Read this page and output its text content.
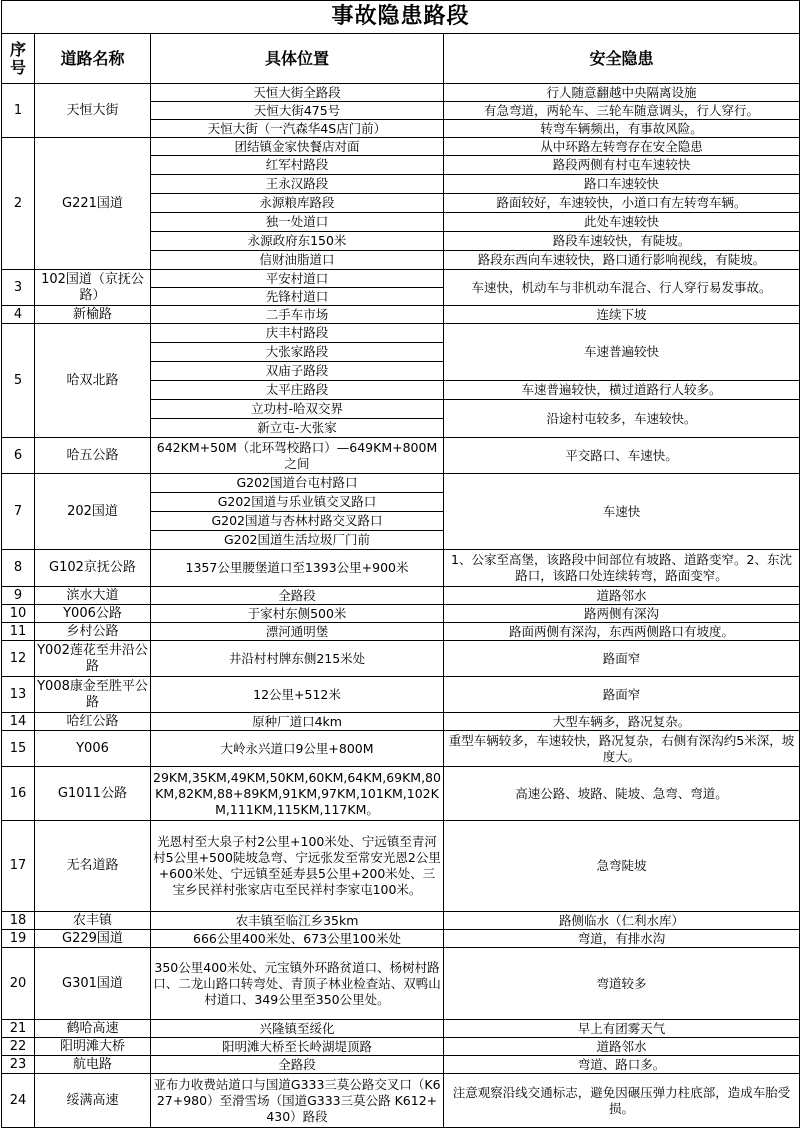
事故隐患路段			
序号	道路名称	具体位置	安全隐患
1	天恒大街	天恒大街全路段	行人随意翻越中央隔离设施
		天恒大街475号	有急弯道，两轮车、三轮车随意调头，行人穿行。
		天恒大街（一汽森华4S店门前）	转弯车辆频出，有事故风险。
2	G221国道	团结镇金家快餐店对面	从中环路左转弯存在安全隐患
		红军村路段	路段两侧有村屯车速较快
		王永汉路段	路口车速较快
		永源粮库路段	路面较好，车速较快，小道口有左转弯车辆。
		独一处道口	此处车速较快
		永源政府东150米	路段车速较快，有陡坡。
		信财油脂道口	路段东西向车速较快，路口通行影响视线，有陡坡。
3	102国道（京抚公路）	平安村道口	车速快，机动车与非机动车混合、行人穿行易发事故。
		先锋村道口	
4	新榆路	二手车市场	连续下坡
5	哈双北路	庆丰村路段	车速普遍较快
		大张家路段	
		双庙子路段	
		太平庄路段	车速普遍较快，横过道路行人较多。
		立功村-哈双交界	沿途村屯较多，车速较快。
		新立屯-大张家	
6	哈五公路	642KM+50M（北环驾校路口）—649KM+800M之间	平交路口、车速快。
7	202国道	G202国道台屯村路口	车速快
		G202国道与乐业镇交叉路口	
		G202国道与杏林村路交叉路口	
		G202国道生活垃圾厂门前	
8	G102京抚公路	1357公里腰堡道口至1393公里+900米	1、公家至高堡，该路段中间部位有坡路、道路变窄。2、东沈路口，该路口处连续转弯，路面变窄。
9	滨水大道	全路段	道路邻水
10	Y006公路	于家村东侧500米	路两侧有深沟
11	乡村公路	漂河通明堡	路面两侧有深沟，东西两侧路口有坡度。
12	Y002莲花至井沿公路	井沿村村牌东侧215米处	路面窄
13	Y008康金至胜平公路	12公里+512米	路面窄
14	哈红公路	原种厂道口4km	大型车辆多，路况复杂。
15	Y006	大岭永兴道口9公里+800M	重型车辆较多，车速较快，路况复杂，右侧有深沟约5米深，坡度大。
16	G1011公路	29KM,35KM,49KM,50KM,60KM,64KM,69KM,80KM,82KM,88+89KM,91KM,97KM,101KM,102KM,111KM,115KM,117KM。	高速公路、坡路、陡坡、急弯、弯道。
17	无名道路	光恩村至大泉子村2公里+100米处、宁远镇至青河村5公里+500陡坡急弯、宁远张发至常安光恩2公里+600米处、宁远镇至延寿县5公里+200米处、三宝乡民祥村张家店屯至民祥村李家屯100米。	急弯陡坡
18	农丰镇	农丰镇至临江乡35km	路侧临水（仁利水库）
19	G229国道	666公里400米处、673公里100米处	弯道，有排水沟
20	G301国道	350公里400米处、元宝镇外环路贫道口、杨树村路口、二龙山路口转弯处、青顶子林业检查站、双鸭山村道口、349公里至350公里处。	弯道较多
21	鹤哈高速	兴隆镇至绥化	早上有团雾天气
22	阳明滩大桥	阳明滩大桥至长岭湖堤顶路	道路邻水
23	航电路	全路段	弯道、路口多。
24	绥满高速	亚布力收费站道口与国道G333三莫公路交叉口（K627+980）至滑雪场（国道G333三莫公路 K612+430）路段	注意观察沿线交通标志，避免因碾压弹力柱底部，造成车胎受损。
